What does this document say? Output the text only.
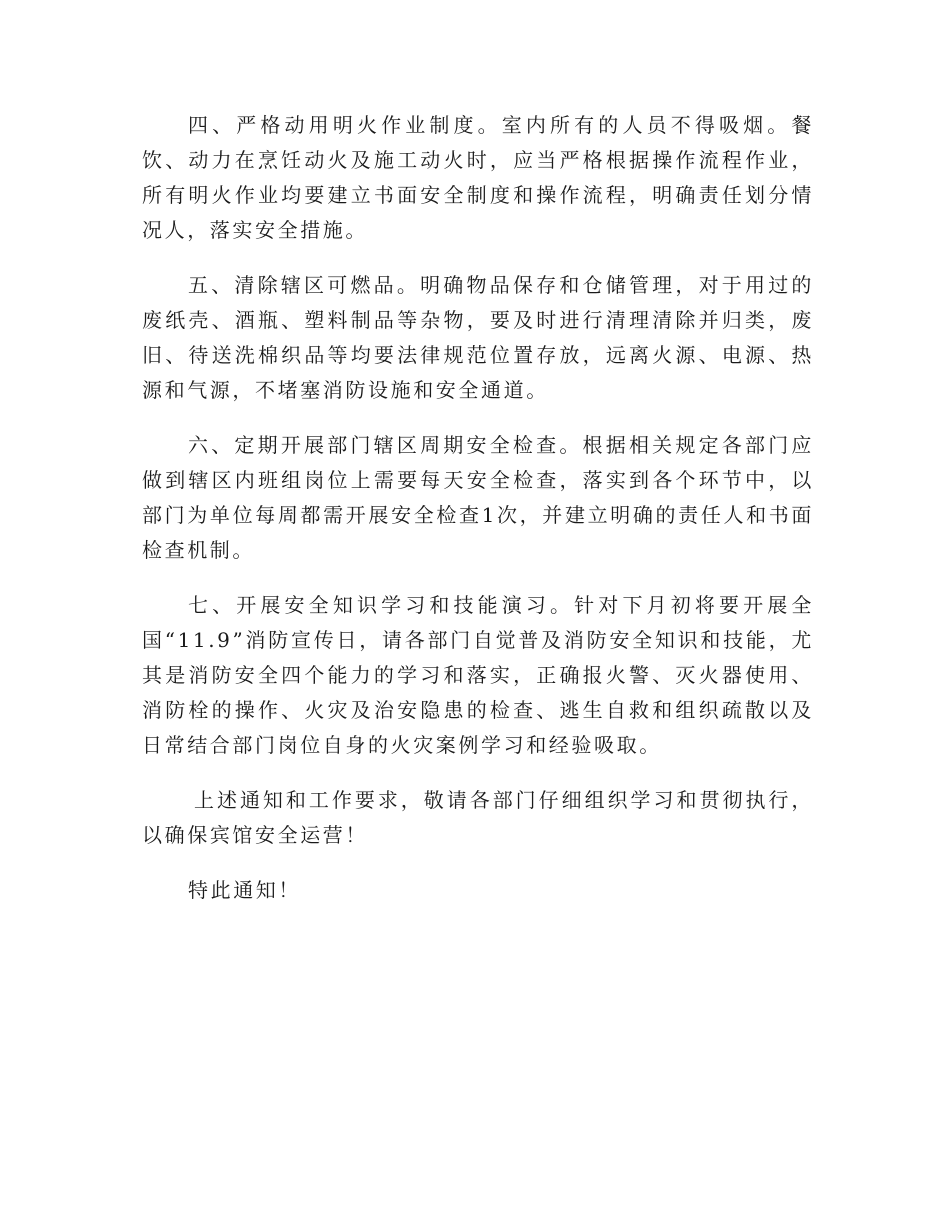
四、严格动用明火作业制度。室内所有的人员不得吸烟。餐饮、动力在烹饪动火及施工动火时，应当严格根据操作流程作业，所有明火作业均要建立书面安全制度和操作流程，明确责任划分情况人，落实安全措施。

五、清除辖区可燃品。明确物品保存和仓储管理，对于用过的废纸壳、酒瓶、塑料制品等杂物，要及时进行清理清除并归类，废旧、待送洗棉织品等均要法律规范位置存放，远离火源、电源、热源和气源，不堵塞消防设施和安全通道。

六、定期开展部门辖区周期安全检查。根据相关规定各部门应做到辖区内班组岗位上需要每天安全检查，落实到各个环节中，以部门为单位每周都需开展安全检查1次，并建立明确的责任人和书面检查机制。

七、开展安全知识学习和技能演习。针对下月初将要开展全国“11.9”消防宣传日，请各部门自觉普及消防安全知识和技能，尤其是消防安全四个能力的学习和落实，正确报火警、灭火器使用、消防栓的操作、火灾及治安隐患的检查、逃生自救和组织疏散以及日常结合部门岗位自身的火灾案例学习和经验吸取。

上述通知和工作要求，敬请各部门仔细组织学习和贯彻执行，以确保宾馆安全运营！

特此通知！
